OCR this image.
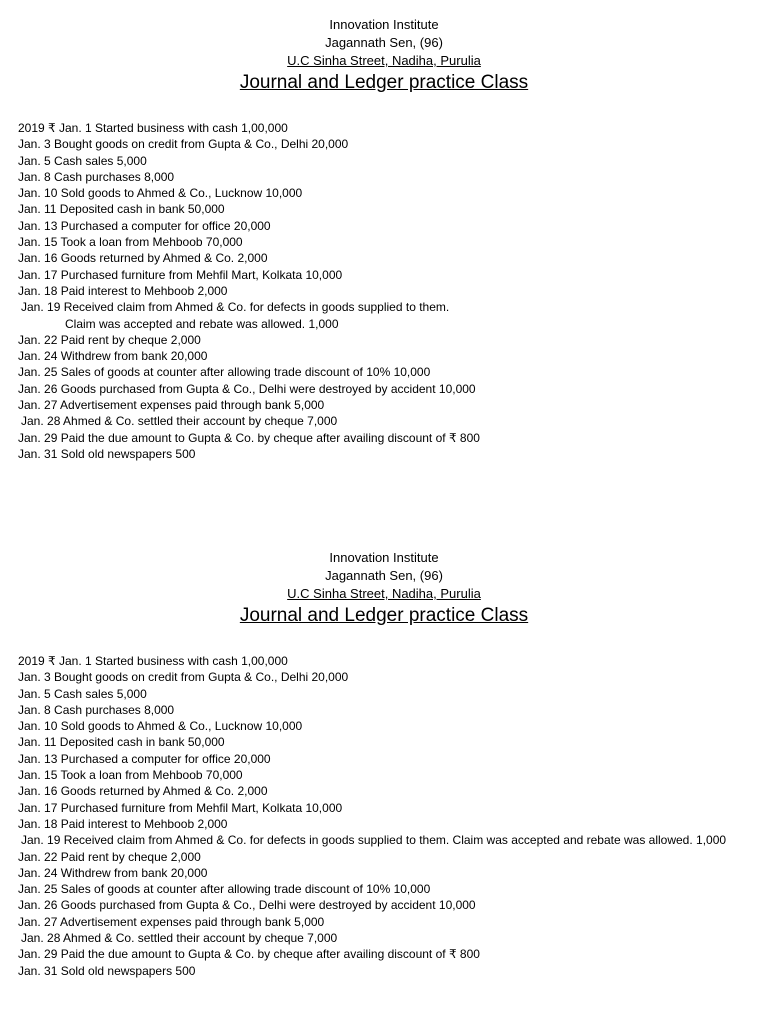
Innovation Institute
Jagannath Sen, (96)
U.C Sinha Street, Nadiha, Purulia
Journal and Ledger practice Class
2019 ₹ Jan. 1 Started business with cash 1,00,000
Jan. 3 Bought goods on credit from Gupta & Co., Delhi 20,000
Jan. 5 Cash sales 5,000
Jan. 8 Cash purchases 8,000
Jan. 10 Sold goods to Ahmed & Co., Lucknow 10,000
Jan. 11 Deposited cash in bank 50,000
Jan. 13 Purchased a computer for office 20,000
Jan. 15 Took a loan from Mehboob 70,000
Jan. 16 Goods returned by Ahmed & Co. 2,000
Jan. 17 Purchased furniture from Mehfil Mart, Kolkata 10,000
Jan. 18 Paid interest to Mehboob 2,000
Jan. 19 Received claim from Ahmed & Co. for defects in goods supplied to them.
Claim was accepted and rebate was allowed. 1,000
Jan. 22 Paid rent by cheque 2,000
Jan. 24 Withdrew from bank 20,000
Jan. 25 Sales of goods at counter after allowing trade discount of 10% 10,000
Jan. 26 Goods purchased from Gupta & Co., Delhi were destroyed by accident 10,000
Jan. 27 Advertisement expenses paid through bank 5,000
Jan. 28 Ahmed & Co. settled their account by cheque 7,000
Jan. 29 Paid the due amount to Gupta & Co. by cheque after availing discount of ₹ 800
Jan. 31 Sold old newspapers 500
Innovation Institute
Jagannath Sen, (96)
U.C Sinha Street, Nadiha, Purulia
Journal and Ledger practice Class
2019 ₹ Jan. 1 Started business with cash 1,00,000
Jan. 3 Bought goods on credit from Gupta & Co., Delhi 20,000
Jan. 5 Cash sales 5,000
Jan. 8 Cash purchases 8,000
Jan. 10 Sold goods to Ahmed & Co., Lucknow 10,000
Jan. 11 Deposited cash in bank 50,000
Jan. 13 Purchased a computer for office 20,000
Jan. 15 Took a loan from Mehboob 70,000
Jan. 16 Goods returned by Ahmed & Co. 2,000
Jan. 17 Purchased furniture from Mehfil Mart, Kolkata 10,000
Jan. 18 Paid interest to Mehboob 2,000
Jan. 19 Received claim from Ahmed & Co. for defects in goods supplied to them. Claim was accepted and rebate was allowed. 1,000
Jan. 22 Paid rent by cheque 2,000
Jan. 24 Withdrew from bank 20,000
Jan. 25 Sales of goods at counter after allowing trade discount of 10% 10,000
Jan. 26 Goods purchased from Gupta & Co., Delhi were destroyed by accident 10,000
Jan. 27 Advertisement expenses paid through bank 5,000
Jan. 28 Ahmed & Co. settled their account by cheque 7,000
Jan. 29 Paid the due amount to Gupta & Co. by cheque after availing discount of ₹ 800
Jan. 31 Sold old newspapers 500
